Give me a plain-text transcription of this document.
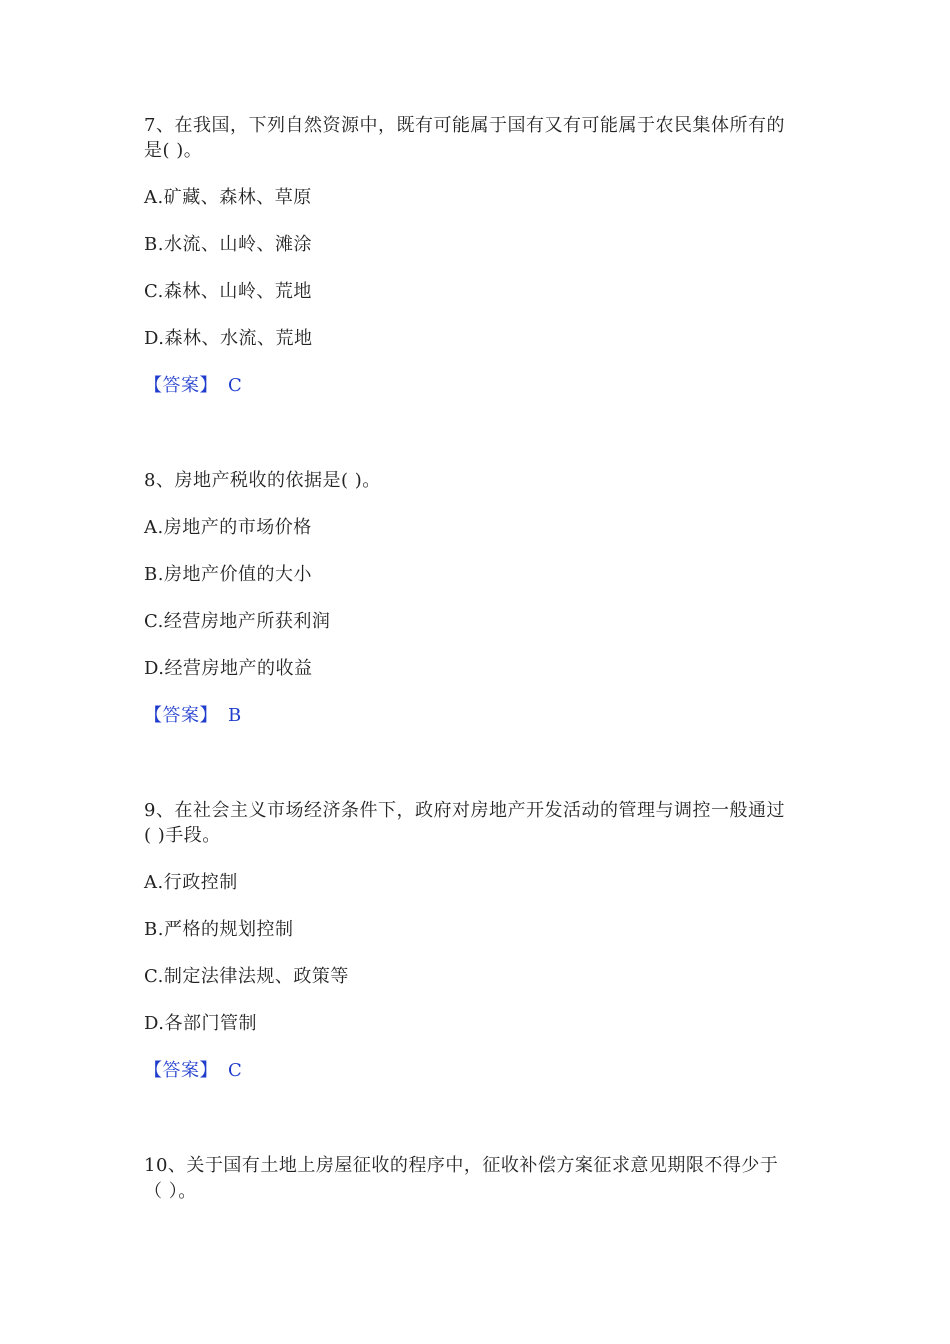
7、在我国，下列自然资源中，既有可能属于国有又有可能属于农民集体所有的
是( )。
A.矿藏、森林、草原
B.水流、山岭、滩涂
C.森林、山岭、荒地
D.森林、水流、荒地
【答案】 C
8、房地产税收的依据是( )。
A.房地产的市场价格
B.房地产价值的大小
C.经营房地产所获利润
D.经营房地产的收益
【答案】 B
9、在社会主义市场经济条件下，政府对房地产开发活动的管理与调控一般通过
( )手段。
A.行政控制
B.严格的规划控制
C.制定法律法规、政策等
D.各部门管制
【答案】 C
10、关于国有土地上房屋征收的程序中，征收补偿方案征求意见期限不得少于
（ ）。
